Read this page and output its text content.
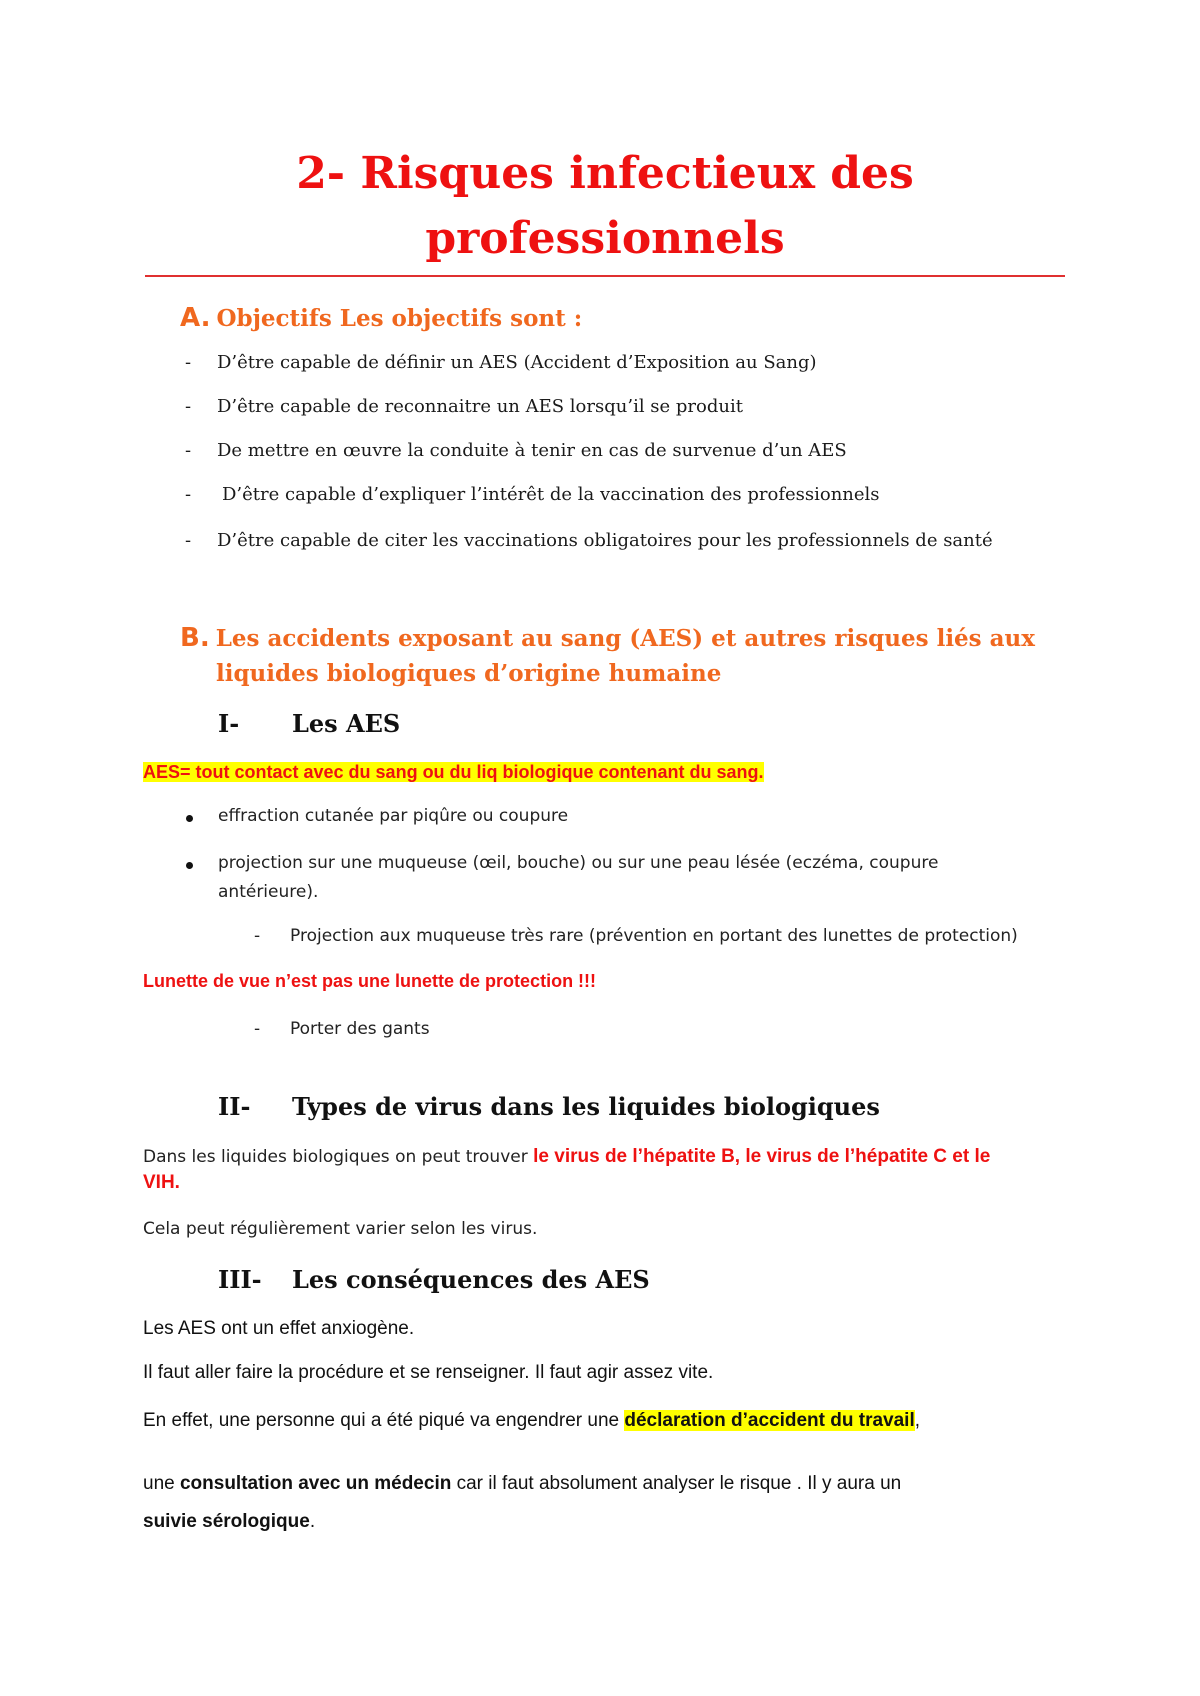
2- Risques infectieux des
professionnels
A. Objectifs Les objectifs sont :
- D’être capable de définir un AES (Accident d’Exposition au Sang)
- D’être capable de reconnaitre un AES lorsqu’il se produit
- De mettre en œuvre la conduite à tenir en cas de survenue d’un AES
- D’être capable d’expliquer l’intérêt de la vaccination des professionnels
- D’être capable de citer les vaccinations obligatoires pour les professionnels de santé
B. Les accidents exposant au sang (AES) et autres risques liés aux
liquides biologiques d’origine humaine
I- Les AES
AES= tout contact avec du sang ou du liq biologique contenant du sang.
effraction cutanée par piqûre ou coupure
projection sur une muqueuse (œil, bouche) ou sur une peau lésée (eczéma, coupure
antérieure).
- Projection aux muqueuse très rare (prévention en portant des lunettes de protection)
Lunette de vue n’est pas une lunette de protection !!!
- Porter des gants
II- Types de virus dans les liquides biologiques
Dans les liquides biologiques on peut trouver le virus de l’hépatite B, le virus de l’hépatite C et le
VIH.
Cela peut régulièrement varier selon les virus.
III- Les conséquences des AES
Les AES ont un effet anxiogène.
Il faut aller faire la procédure et se renseigner. Il faut agir assez vite.
En effet, une personne qui a été piqué va engendrer une déclaration d’accident du travail,
une consultation avec un médecin car il faut absolument analyser le risque . Il y aura un
suivie sérologique.
